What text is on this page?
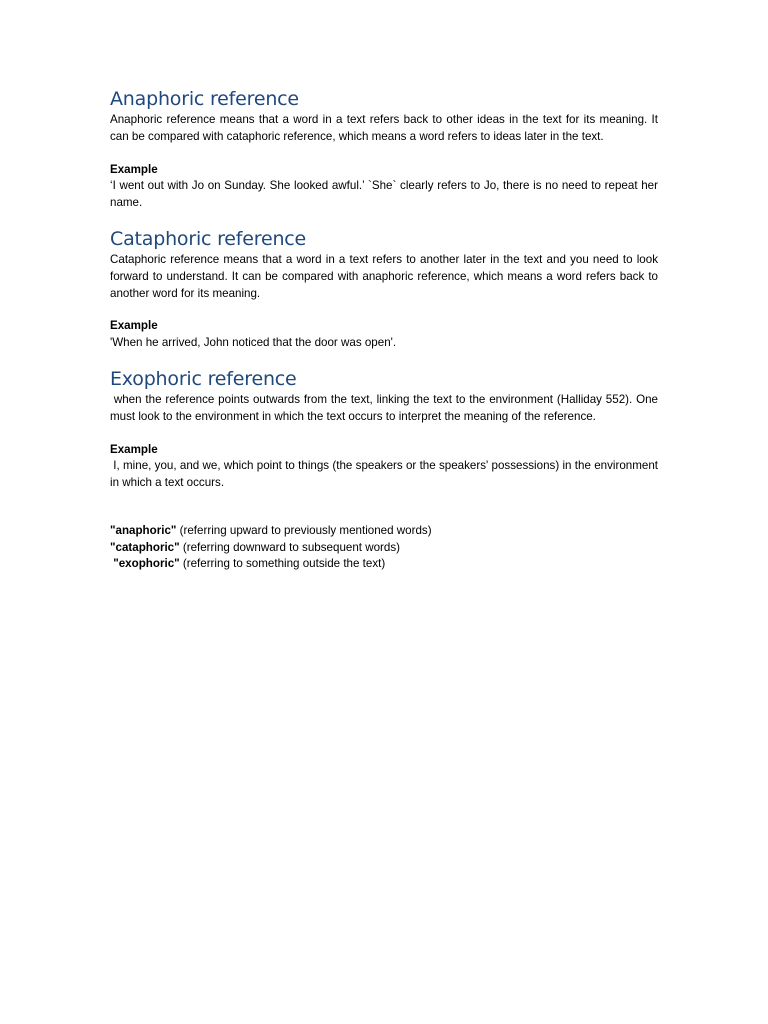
Anaphoric reference

Anaphoric reference means that a word in a text refers back to other ideas in the text for its meaning. It can be compared with cataphoric reference, which means a word refers to ideas later in the text.

Example

‘I went out with Jo on Sunday. She looked awful.’ `She` clearly refers to Jo, there is no need to repeat her name.

Cataphoric reference

Cataphoric reference means that a word in a text refers to another later in the text and you need to look forward to understand. It can be compared with anaphoric reference, which means a word refers back to another word for its meaning.

Example

'When he arrived, John noticed that the door was open'.

Exophoric reference

when the reference points outwards from the text, linking the text to the environment (Halliday 552). One must look to the environment in which the text occurs to interpret the meaning of the reference.

Example

I, mine, you, and we, which point to things (the speakers or the speakers' possessions) in the environment in which a text occurs.

"anaphoric" (referring upward to previously mentioned words)

"cataphoric" (referring downward to subsequent words)

"exophoric" (referring to something outside the text)
